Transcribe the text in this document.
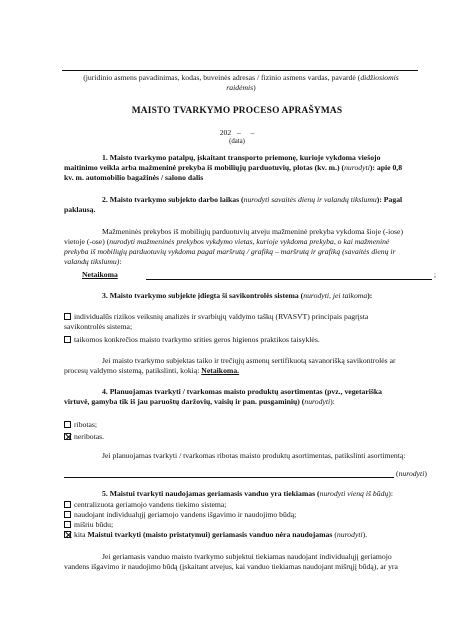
(juridinio asmens pavadinimas, kodas, buveinės adresas / fizinio asmens vardas, pavardė (didžiosiomis
raidėmis)
MAISTO TVARKYMO PROCESO APRAŠYMAS
202   –     –
(data)
1. Maisto tvarkymo patalpų, įskaitant transporto priemonę, kurioje vykdoma viešojo
maitinimo veikla arba mažmeninė prekyba iš mobiliųjų parduotuvių, plotas (kv. m.) (nurodyti): apie 0,8
kv. m. automobilio bagažinės / salono dalis
2. Maisto tvarkymo subjekto darbo laikas (nurodyti savaitės dienų ir valandų tikslumu): Pagal
paklausą.
Mažmeninės prekybos iš mobiliųjų parduotuvių atveju mažmeninė prekyba vykdoma šioje (-iose)
vietoje (-ose) (nurodyti mažmeninės prekybos vykdymo vietas, kurioje vykdoma prekyba, o kai mažmeninė
prekyba iš mobiliųjų parduotuvių vykdoma pagal maršrutą / grafiką – maršrutą ir grafiką (savaitės dienų ir
valandų tikslumu):
Netaikoma	;
3. Maisto tvarkymo subjekte įdiegta ši savikontrolės sistema (nurodyti, jei taikoma):
individualūs rizikos veiksnių analizės ir svarbiųjų valdymo taškų (RVASVT) principais pagrįsta
savikontrolės sistema;
taikomos konkrečios maisto tvarkymo srities geros higienos praktikos taisyklės.
Jei maisto tvarkymo subjektas taiko ir trečiųjų asmenų sertifikuotą savanorišką savikontrolės ar
procesų valdymo sistemą, patikslinti, kokią: Netaikoma.
4. Planuojamas tvarkyti / tvarkomas maisto produktų asortimentas (pvz., vegetariška
virtuvė, gamyba tik iš jau paruoštų daržovių, vaisių ir pan. pusgaminių) (nurodyti):
ribotas;
neribotas.
Jei planuojamas tvarkyti / tvarkomas ribotas maisto produktų asortimentas, patikslinti asortimentą:
(nurodyti)
5. Maistui tvarkyti naudojamas geriamasis vanduo yra tiekiamas (nurodyti vieną iš būdų):
centralizuota geriamojo vandens tiekimo sistema;
naudojant individualųjį geriamojo vandens išgavimo ir naudojimo būdą;
mišriu būdu;
kita Maistui tvarkyti (maisto pristatymui) geriamasis vanduo nėra naudojamas (nurodyti).
Jei geriamasis vanduo maisto tvarkymo subjektui tiekiamas naudojant individualųjį geriamojo
vandens išgavimo ir naudojimo būdą (įskaitant atvejus, kai vanduo tiekiamas naudojant mišrųjį būdą), ar yra
